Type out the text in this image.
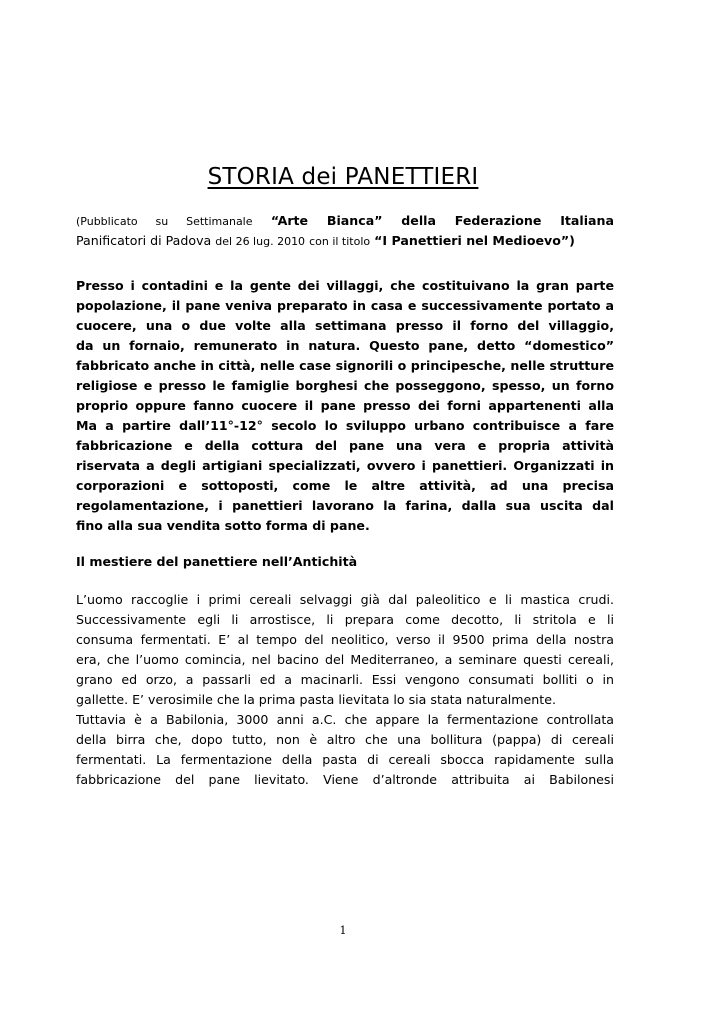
STORIA dei PANETTIERI
(Pubblicato su Settimanale “Arte Bianca” della Federazione Italiana
Panificatori di Padova del 26 lug. 2010 con il titolo “I Panettieri nel Medioevo”)
Presso i contadini e la gente dei villaggi, che costituivano la gran parte
popolazione, il pane veniva preparato in casa e successivamente portato a
cuocere, una o due volte alla settimana presso il forno del villaggio,
da un fornaio, remunerato in natura. Questo pane, detto “domestico”
fabbricato anche in città, nelle case signorili o principesche, nelle strutture
religiose e presso le famiglie borghesi che posseggono, spesso, un forno
proprio oppure fanno cuocere il pane presso dei forni appartenenti alla
Ma a partire dall’11°-12° secolo lo sviluppo urbano contribuisce a fare
fabbricazione e della cottura del pane una vera e propria attività
riservata a degli artigiani specializzati, ovvero i panettieri. Organizzati in
corporazioni e sottoposti, come le altre attività, ad una precisa
regolamentazione, i panettieri lavorano la farina, dalla sua uscita dal
fino alla sua vendita sotto forma di pane.
Il mestiere del panettiere nell’Antichità
L’uomo raccoglie i primi cereali selvaggi già dal paleolitico e li mastica crudi.
Successivamente egli li arrostisce, li prepara come decotto, li stritola e li
consuma fermentati. E’ al tempo del neolitico, verso il 9500 prima della nostra
era, che l’uomo comincia, nel bacino del Mediterraneo, a seminare questi cereali,
grano ed orzo, a passarli ed a macinarli. Essi vengono consumati bolliti o in
gallette. E’ verosimile che la prima pasta lievitata lo sia stata naturalmente.
Tuttavia è a Babilonia, 3000 anni a.C. che appare la fermentazione controllata
della birra che, dopo tutto, non è altro che una bollitura (pappa) di cereali
fermentati. La fermentazione della pasta di cereali sbocca rapidamente sulla
fabbricazione del pane lievitato. Viene d’altronde attribuita ai Babilonesi

1
